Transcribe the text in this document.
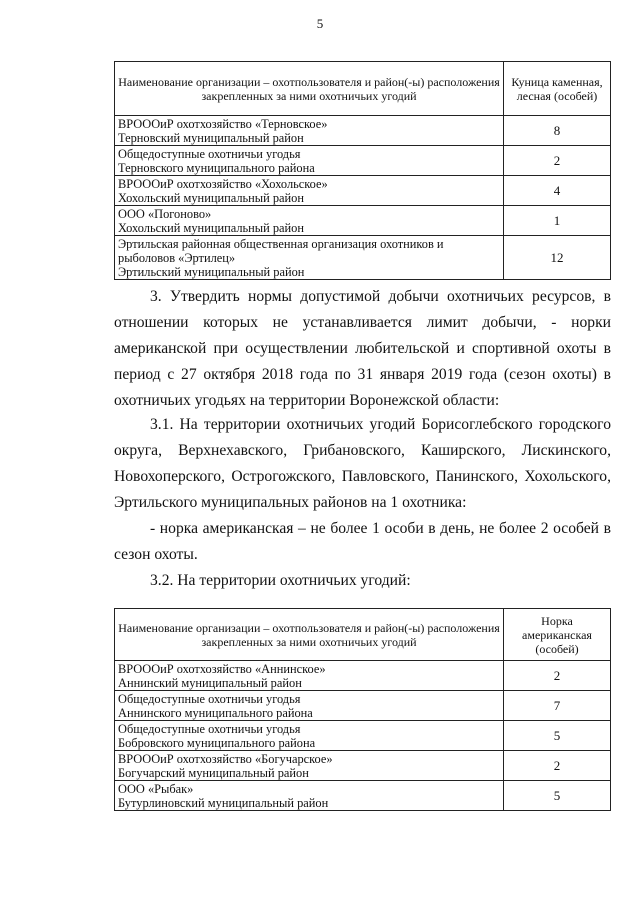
5
Наименование организации – охотпользователя и район(-ы) расположения закрепленных за ними охотничьих угодий	Куница каменная, лесная (особей)

ВРОООиР охотхозяйство «Терновское»
Терновский муниципальный район	8

Общедоступные охотничьи угодья
Терновского муниципального района	2

ВРОООиР охотхозяйство «Хохольское»
Хохольский муниципальный район	4

ООО «Погоново»
Хохольский муниципальный район	1

Эртильская районная общественная организация охотников и рыболовов «Эртилец»
Эртильский муниципальный район	12

3. Утвердить нормы допустимой добычи охотничьих ресурсов, в отношении которых не устанавливается лимит добычи, - норки американской при осуществлении любительской и спортивной охоты в период с 27 октября 2018 года по 31 января 2019 года (сезон охоты) в охотничьих угодьях на территории Воронежской области:

3.1. На территории охотничьих угодий Борисоглебского городского округа, Верхнехавского, Грибановского, Каширского, Лискинского, Новохоперского, Острогожского, Павловского, Панинского, Хохольского, Эртильского муниципальных районов на 1 охотника:

- норка американская – не более 1 особи в день, не более 2 особей в сезон охоты.

3.2. На территории охотничьих угодий:

Наименование организации – охотпользователя и район(-ы) расположения закрепленных за ними охотничьих угодий	Норка американская (особей)

ВРОООиР охотхозяйство «Аннинское»
Аннинский муниципальный район	2

Общедоступные охотничьи угодья
Аннинского муниципального района	7

Общедоступные охотничьи угодья
Бобровского муниципального района	5

ВРОООиР охотхозяйство «Богучарское»
Богучарский муниципальный район	2

ООО «Рыбак»
Бутурлиновский муниципальный район	5
